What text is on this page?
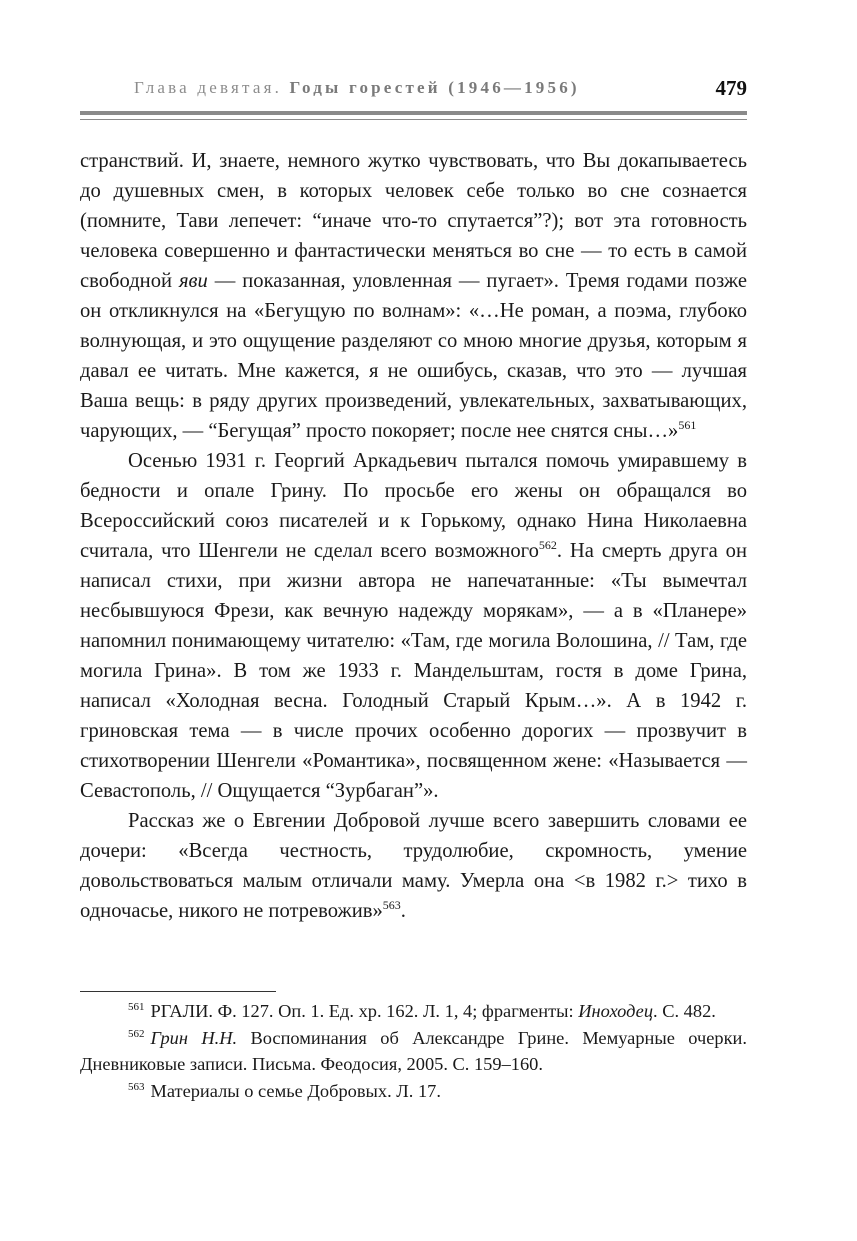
Глава девятая. Годы горестей (1946—1956)	479

странствий. И, знаете, немного жутко чувствовать, что Вы докапываетесь до душевных смен, в которых человек себе только во сне сознается (помните, Тави лепечет: “иначе что-то спутается”?); вот эта готовность человека совершенно и фантастически меняться во сне — то есть в самой свободной яви — показанная, уловленная — пугает». Тремя годами позже он откликнулся на «Бегущую по волнам»: «…Не роман, а поэма, глубоко волнующая, и это ощущение разделяют со мною многие друзья, которым я давал ее читать. Мне кажется, я не ошибусь, сказав, что это — лучшая Ваша вещь: в ряду других произведений, увлекательных, захватывающих, чарующих, — “Бегущая” просто покоряет; после нее снятся сны…»$^{561}$

Осенью 1931 г. Георгий Аркадьевич пытался помочь умиравшему в бедности и опале Грину. По просьбе его жены он обращался во Всероссийский союз писателей и к Горькому, однако Нина Николаевна считала, что Шенгели не сделал всего возможного$^{562}$. На смерть друга он написал стихи, при жизни автора не напечатанные: «Ты вымечтал несбывшуюся Фрези, как вечную надежду морякам», — а в «Планере» напомнил понимающему читателю: «Там, где могила Волошина, // Там, где могила Грина». В том же 1933 г. Мандельштам, гостя в доме Грина, написал «Холодная весна. Голодный Старый Крым…». А в 1942 г. гриновская тема — в числе прочих особенно дорогих — прозвучит в стихотворении Шенгели «Романтика», посвященном жене: «Называется — Севастополь, // Ощущается “Зурбаган”».

Рассказ же о Евгении Добровой лучше всего завершить словами ее дочери: «Всегда честность, трудолюбие, скромность, умение довольствоваться малым отличали маму. Умерла она <в 1982 г.> тихо в одночасье, никого не потревожив»$^{563}$.

$^{561}$ РГАЛИ. Ф. 127. Оп. 1. Ед. хр. 162. Л. 1, 4; фрагменты: Иноходец. С. 482.

$^{562}$ Грин Н.Н. Воспоминания об Александре Грине. Мемуарные очерки. Дневниковые записи. Письма. Феодосия, 2005. С. 159–160.

$^{563}$ Материалы о семье Добровых. Л. 17.
